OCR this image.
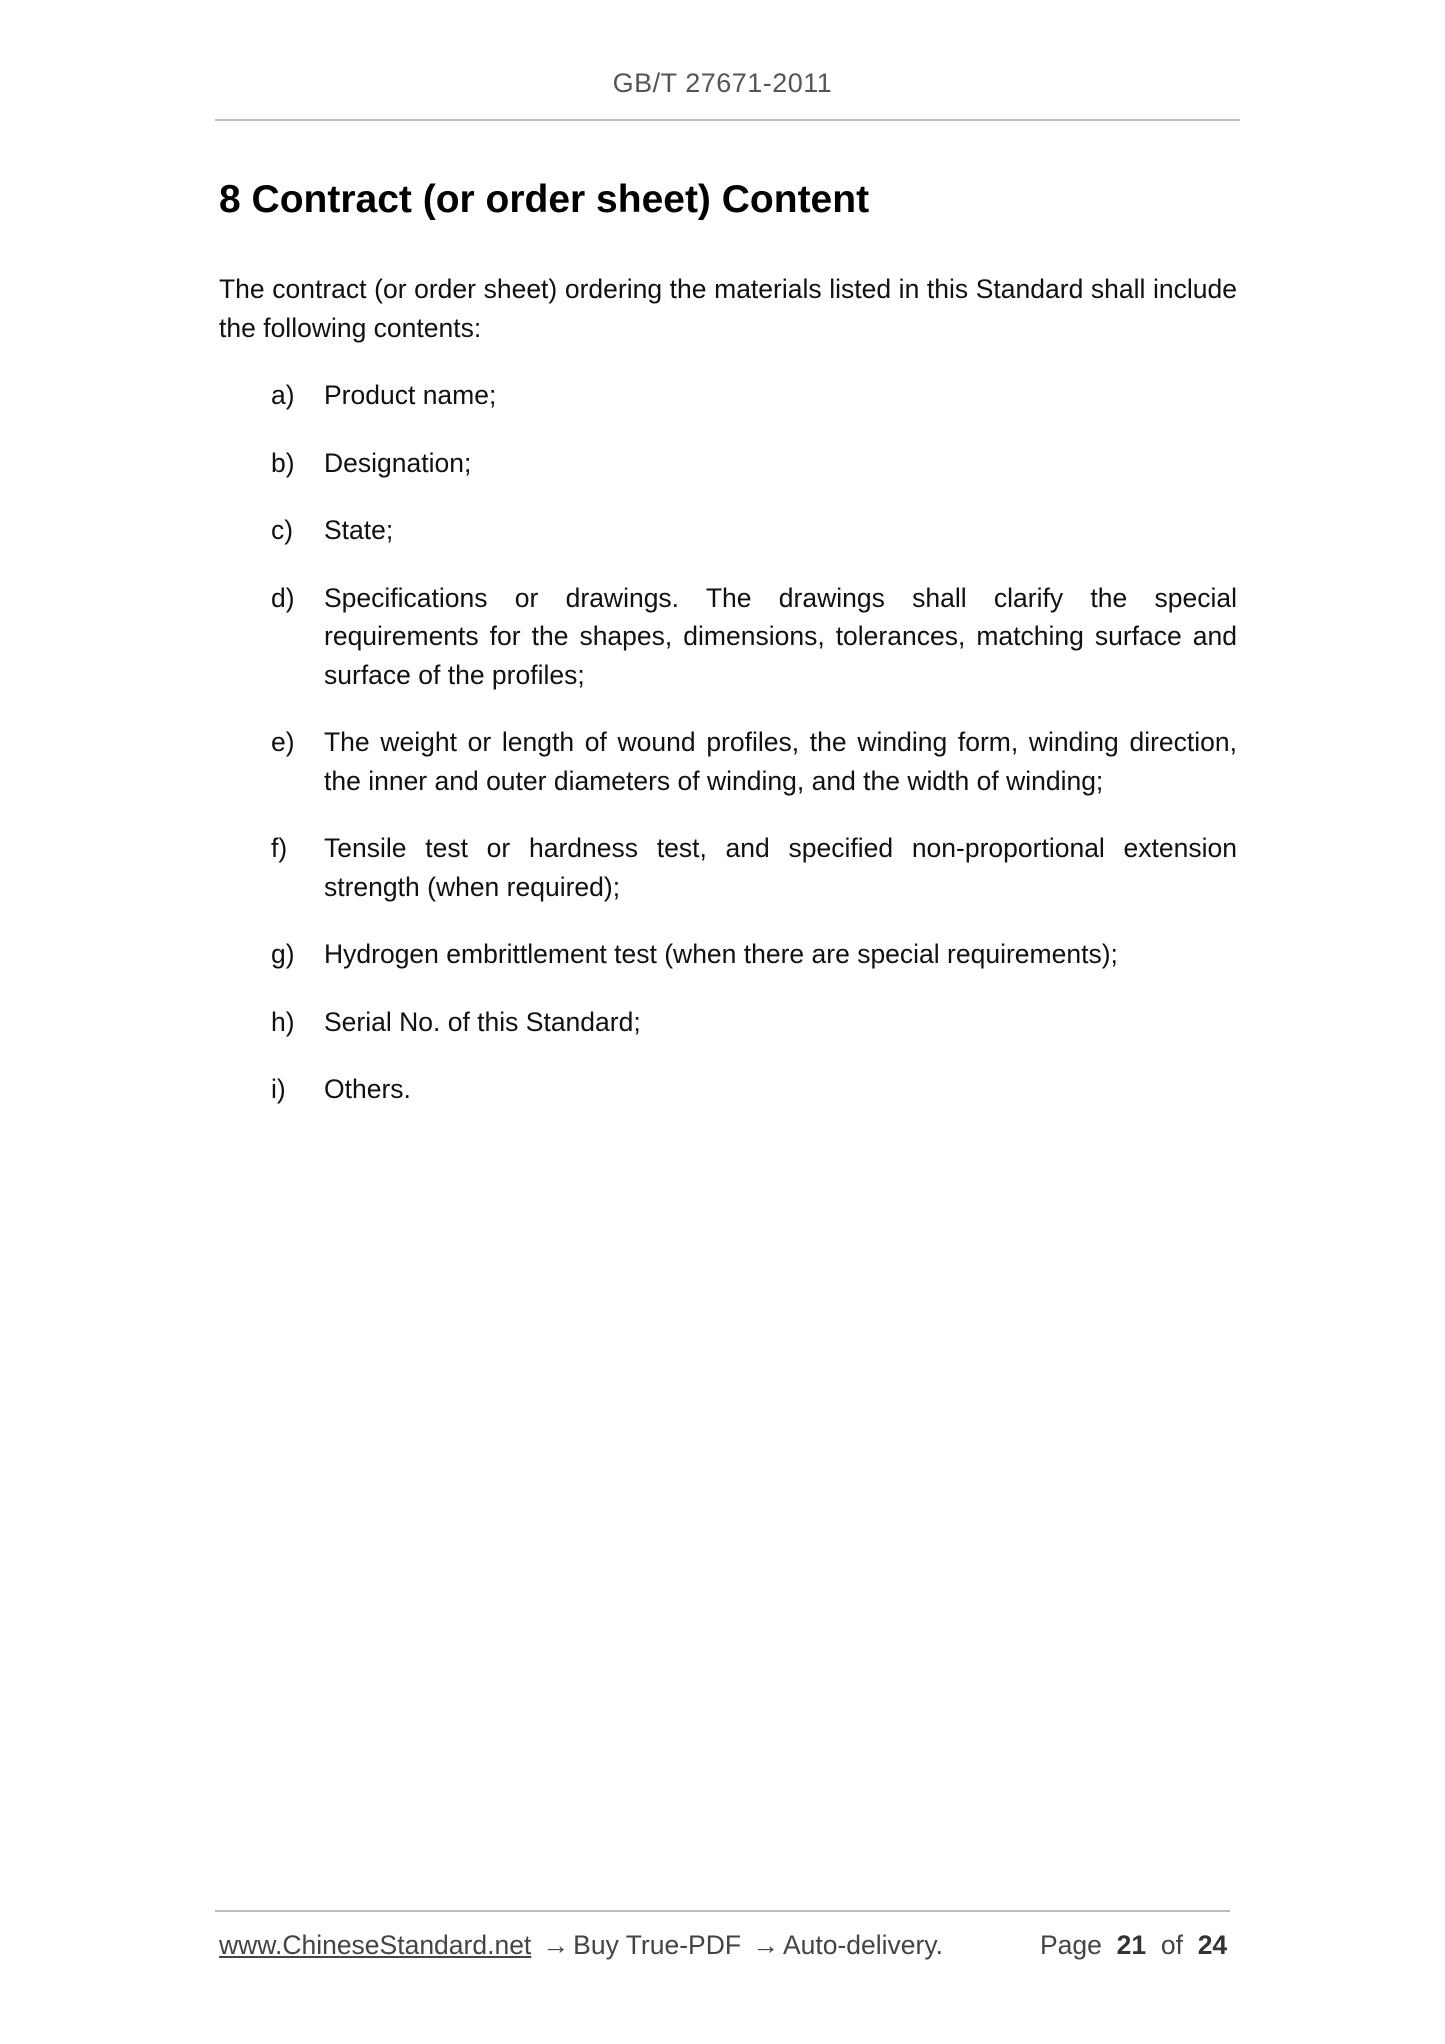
GB/T 27671-2011
8 Contract (or order sheet) Content

The contract (or order sheet) ordering the materials listed in this Standard shall include the following contents:

a) Product name;
b) Designation;
c) State;
d) Specifications or drawings. The drawings shall clarify the special requirements for the shapes, dimensions, tolerances, matching surface and surface of the profiles;
e) The weight or length of wound profiles, the winding form, winding direction, the inner and outer diameters of winding, and the width of winding;
f) Tensile test or hardness test, and specified non-proportional extension strength (when required);
g) Hydrogen embrittlement test (when there are special requirements);
h) Serial No. of this Standard;
i) Others.
www.ChineseStandard.net → Buy True-PDF → Auto-delivery.	Page 21 of 24
